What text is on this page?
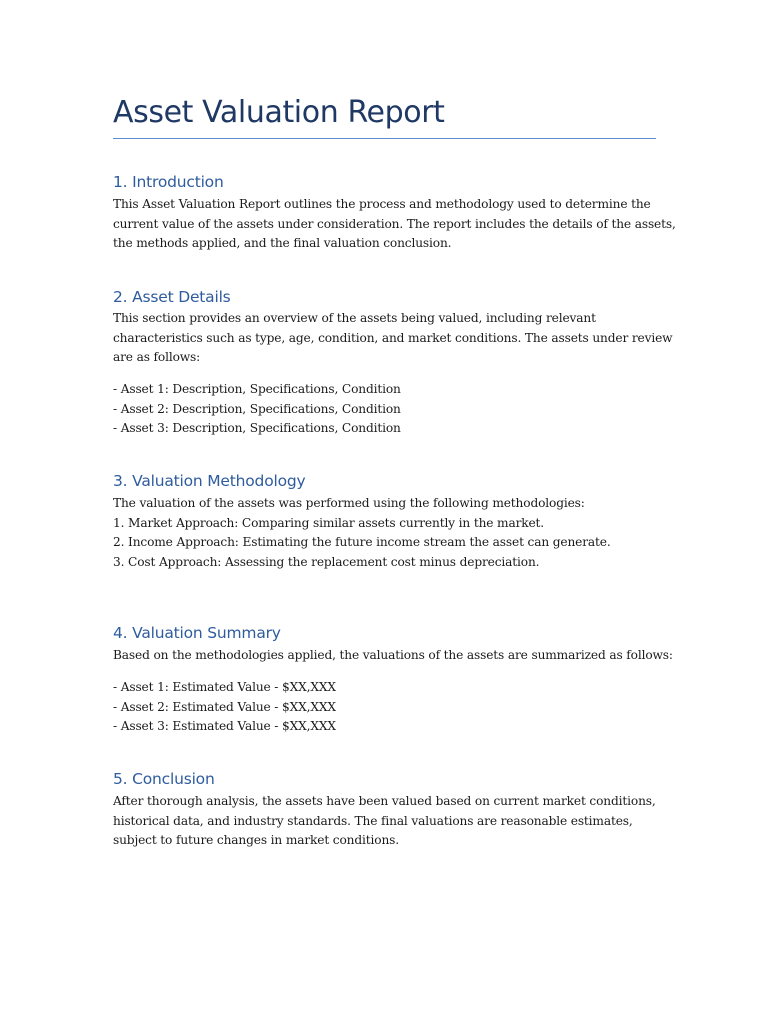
Asset Valuation Report
1. Introduction
This Asset Valuation Report outlines the process and methodology used to determine the
current value of the assets under consideration. The report includes the details of the assets,
the methods applied, and the final valuation conclusion.
2. Asset Details
This section provides an overview of the assets being valued, including relevant
characteristics such as type, age, condition, and market conditions. The assets under review
are as follows:
- Asset 1: Description, Specifications, Condition
- Asset 2: Description, Specifications, Condition
- Asset 3: Description, Specifications, Condition
3. Valuation Methodology
The valuation of the assets was performed using the following methodologies:
1. Market Approach: Comparing similar assets currently in the market.
2. Income Approach: Estimating the future income stream the asset can generate.
3. Cost Approach: Assessing the replacement cost minus depreciation.
4. Valuation Summary
Based on the methodologies applied, the valuations of the assets are summarized as follows:
- Asset 1: Estimated Value - $XX,XXX
- Asset 2: Estimated Value - $XX,XXX
- Asset 3: Estimated Value - $XX,XXX
5. Conclusion
After thorough analysis, the assets have been valued based on current market conditions,
historical data, and industry standards. The final valuations are reasonable estimates,
subject to future changes in market conditions.
